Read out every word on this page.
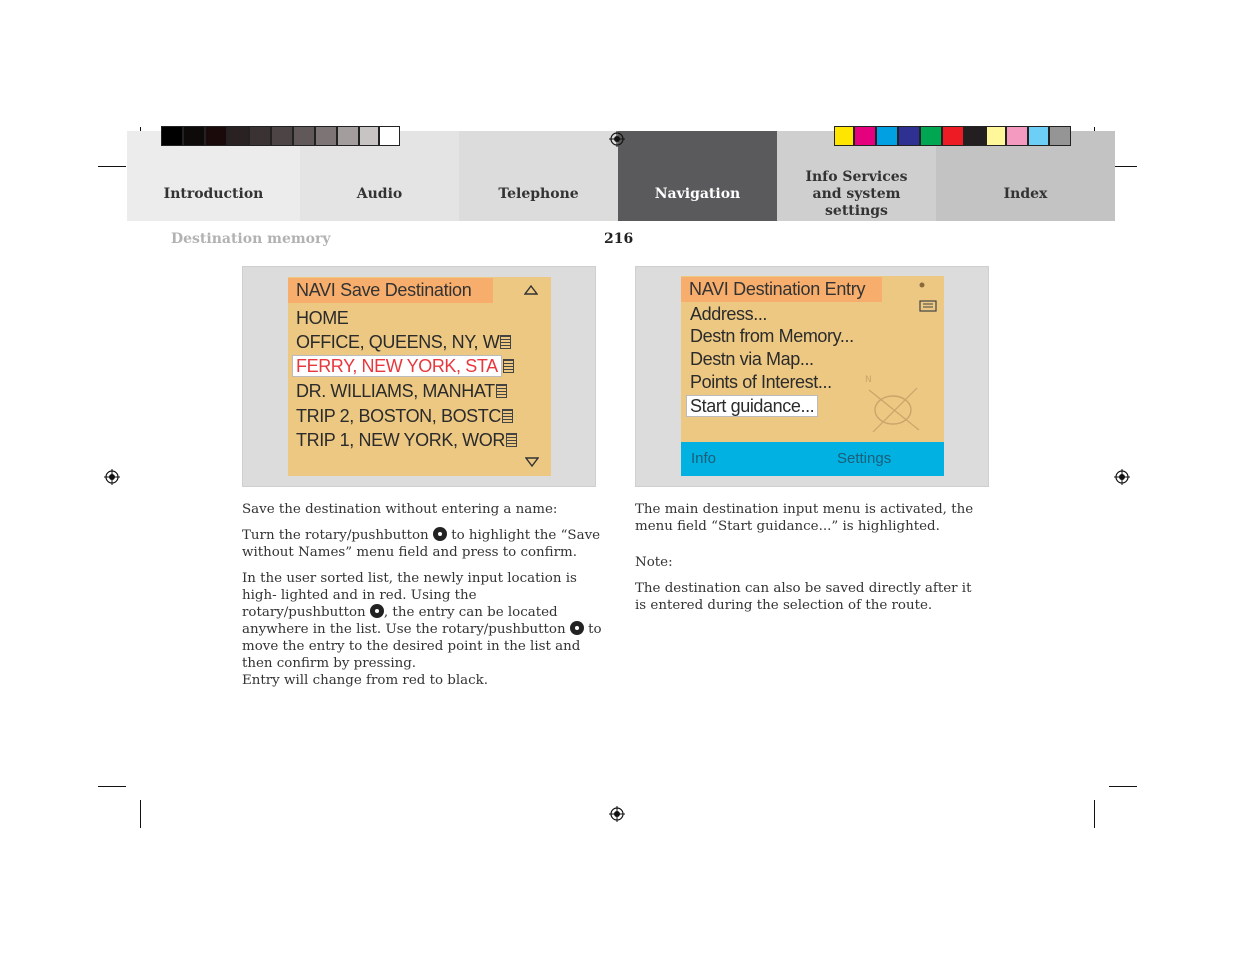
Introduction	Audio	Telephone	Navigation
Info Services and system settings
Index
Destination memory	216
NAVI Save Destination
HOME
OFFICE, QUEENS, NY, W
FERRY, NEW YORK, STA
DR. WILLIAMS, MANHAT
TRIP 2, BOSTON, BOSTC
TRIP 1, NEW YORK, WOR
NAVI Destination Entry
Address...
Destn from Memory...
Destn via Map...
Points of Interest...
Start guidance...
N
Info	Settings
Save the destination without entering a name:
Turn the rotary/pushbutton to highlight the “Save without Names” menu field and press to confirm.
In the user sorted list, the newly input location is high- lighted and in red. Using the rotary/pushbutton , the entry can be located anywhere in the list. Use the rotary/pushbutton to move the entry to the desired point in the list and then confirm by pressing.
Entry will change from red to black.
The main destination input menu is activated, the menu field “Start guidance...” is highlighted.
Note:
The destination can also be saved directly after it is entered during the selection of the route.
